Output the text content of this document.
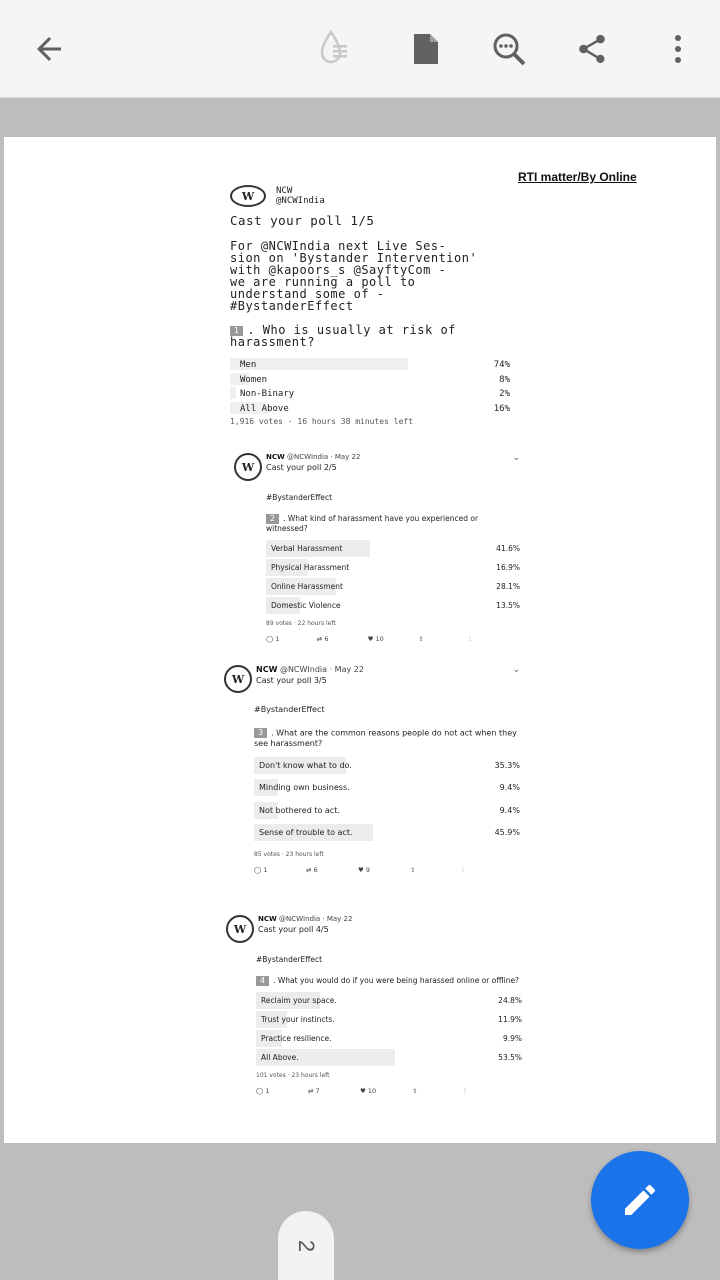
RTI matter/By Online
W	NCW
@NCWIndia
Cast your poll 1/5
For @NCWIndia next Live Ses-
sion on 'Bystander Intervention'
with @kapoors_s @SayftyCom -
we are running a poll to
understand some of -
#BystanderEffect
1 . Who is usually at risk of harassment?
Men	74%
Women	8%
Non-Binary	2%
All Above	16%
1,916 votes · 16 hours 38 minutes left
W
NCW @NCWIndia · May 22
Cast your poll 2/5
⌄
#BystanderEffect
2 . What kind of harassment have you experienced or witnessed?
Verbal Harassment	41.6%
Physical Harassment	16.9%
Online Harassment	28.1%
Domestic Violence	13.5%
89 votes · 22 hours left
◯ 1	⇄ 6	♥ 10	⇧	⫶
W
NCW @NCWIndia · May 22
Cast your poll 3/5
⌄
#BystanderEffect
3 . What are the common reasons people do not act when they see harassment?
Don't know what to do.	35.3%
Minding own business.	9.4%
Not bothered to act.	9.4%
Sense of trouble to act.	45.9%
85 votes · 23 hours left
◯ 1	⇄ 6	♥ 9	⇧	⫶
W
NCW @NCWIndia · May 22
Cast your poll 4/5
#BystanderEffect
4 . What you would do if you were being harassed online or offline?
Reclaim your space.	24.8%
Trust your instincts.	11.9%
Practice resilience.	9.9%
All Above.	53.5%
101 votes · 23 hours left
◯ 1	⇄ 7	♥ 10	⇧	⫶
2
